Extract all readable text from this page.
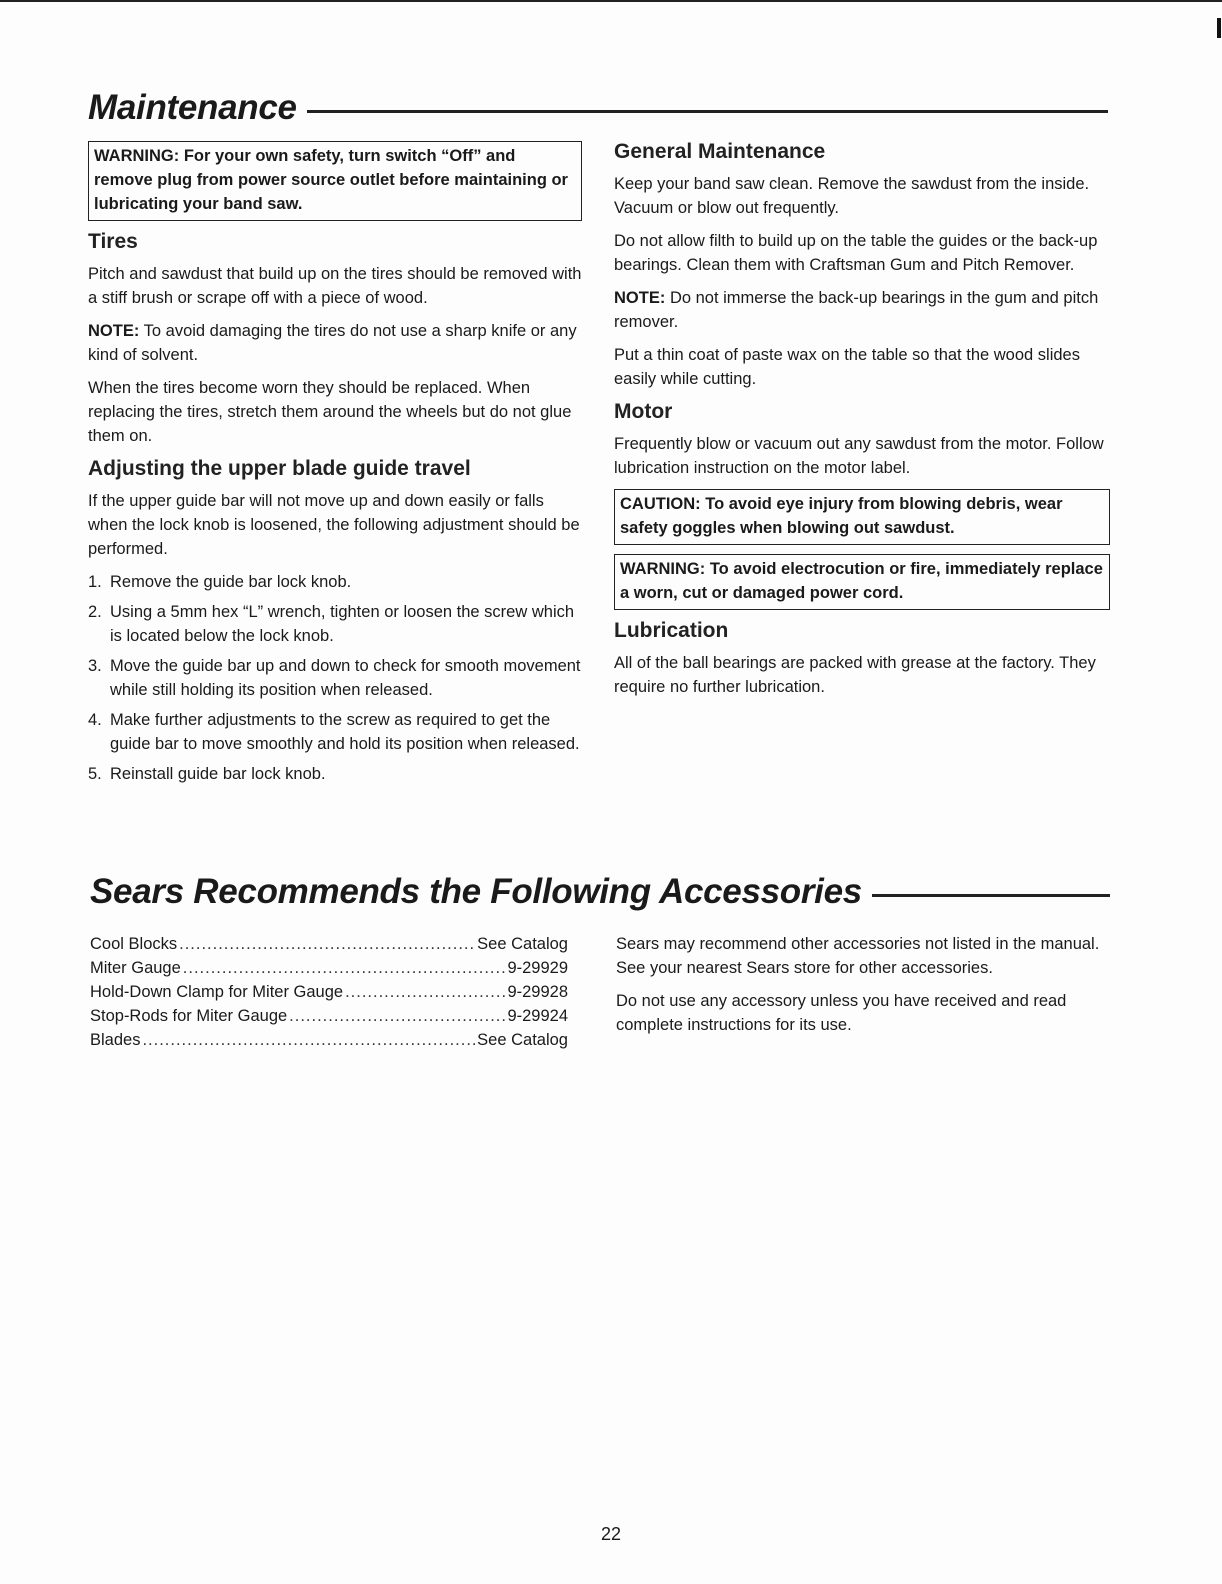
Maintenance
WARNING: For your own safety, turn switch “Off” and remove plug from power source outlet before maintaining or lubricating your band saw.
Tires

Pitch and sawdust that build up on the tires should be removed with a stiff brush or scrape off with a piece of wood.

NOTE: To avoid damaging the tires do not use a sharp knife or any kind of solvent.

When the tires become worn they should be replaced. When replacing the tires, stretch them around the wheels but do not glue them on.

Adjusting the upper blade guide travel

If the upper guide bar will not move up and down easily or falls when the lock knob is loosened, the following adjustment should be performed.

1. Remove the guide bar lock knob.
2. Using a 5mm hex “L” wrench, tighten or loosen the screw which is located below the lock knob.
3. Move the guide bar up and down to check for smooth movement while still holding its position when released.
4. Make further adjustments to the screw as required to get the guide bar to move smoothly and hold its position when released.
5. Reinstall guide bar lock knob.
General Maintenance

Keep your band saw clean. Remove the sawdust from the inside. Vacuum or blow out frequently.

Do not allow filth to build up on the table the guides or the back-up bearings. Clean them with Craftsman Gum and Pitch Remover.

NOTE: Do not immerse the back-up bearings in the gum and pitch remover.

Put a thin coat of paste wax on the table so that the wood slides easily while cutting.

Motor

Frequently blow or vacuum out any sawdust from the motor. Follow lubrication instruction on the motor label.

CAUTION: To avoid eye injury from blowing debris, wear safety goggles when blowing out sawdust.
WARNING: To avoid electrocution or fire, immediately replace a worn, cut or damaged power cord.
Lubrication

All of the ball bearings are packed with grease at the factory. They require no further lubrication.

Sears Recommends the Following Accessories
Cool Blocks .....	See Catalog
Miter Gauge .....	9-29929
Hold-Down Clamp for Miter Gauge .....	9-29928
Stop-Rods for Miter Gauge .....	9-29924
Blades .....	See Catalog

Sears may recommend other accessories not listed in the manual. See your nearest Sears store for other accessories.

Do not use any accessory unless you have received and read complete instructions for its use.

22
